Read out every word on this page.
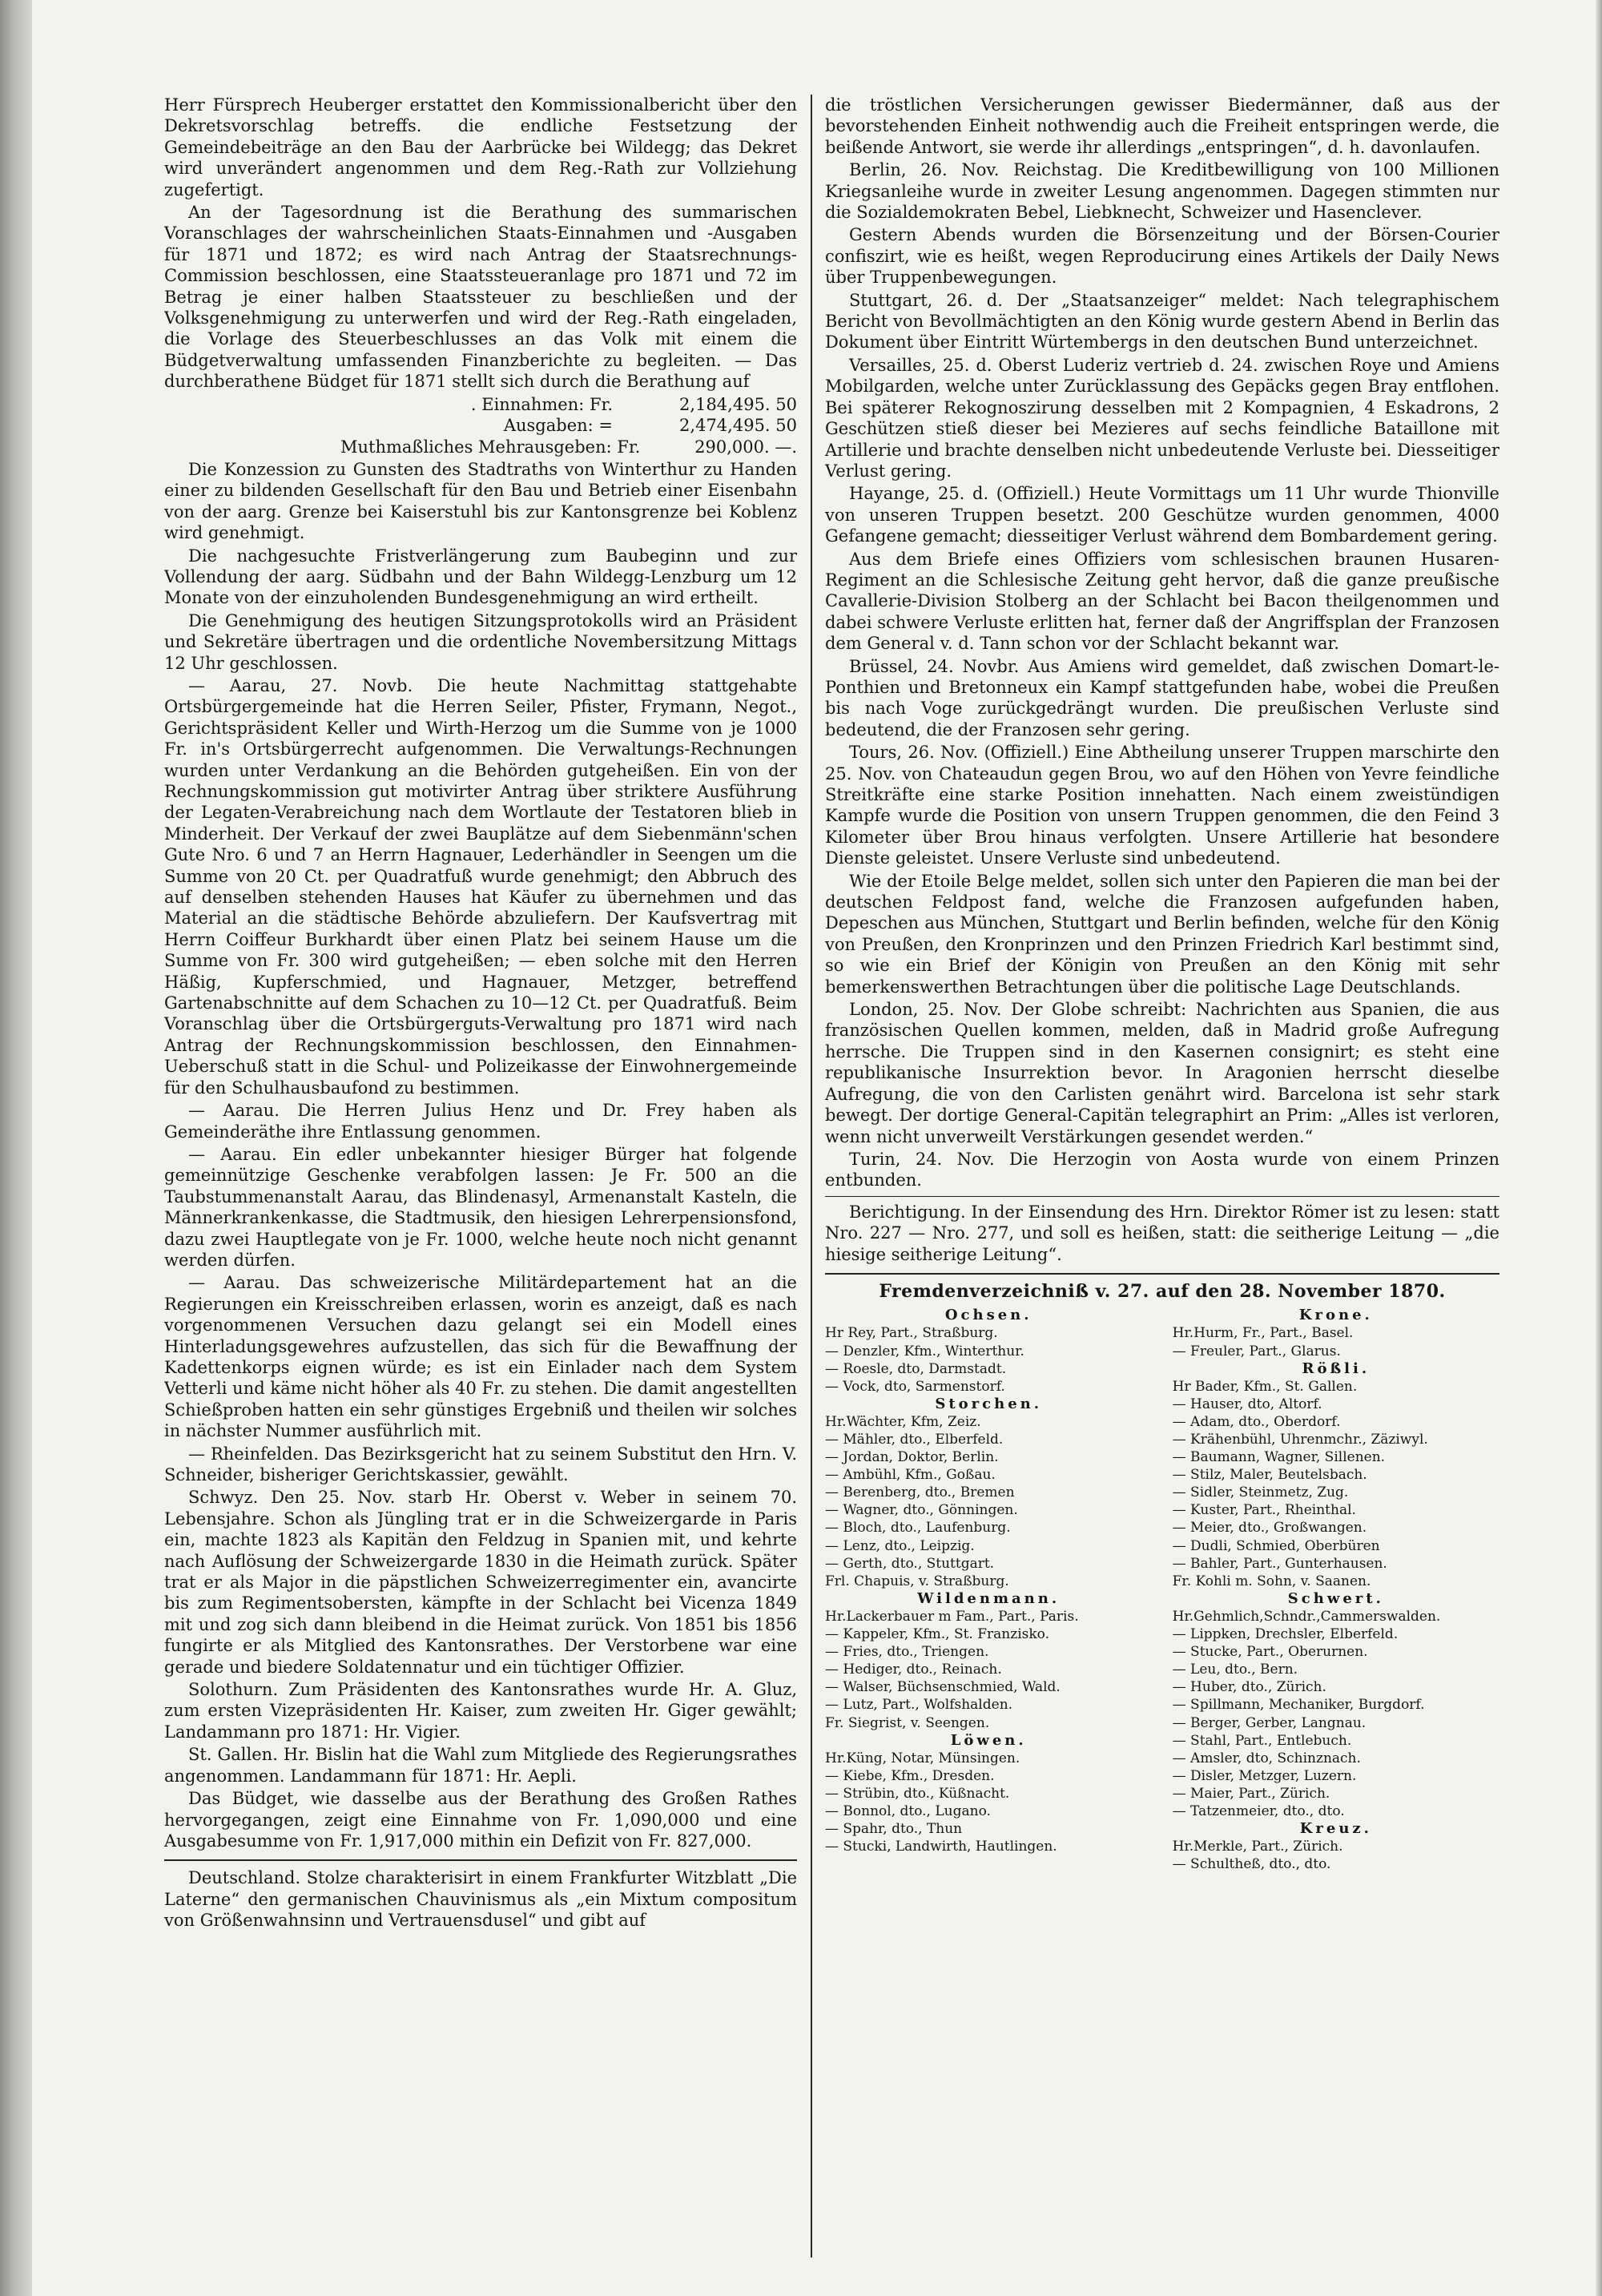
Herr Fürsprech Heuberger erstattet den Kommissionalbericht über den Dekretsvorschlag betreffs. die endliche Festsetzung der Gemeindebeiträge an den Bau der Aarbrücke bei Wildegg; das Dekret wird unverändert angenommen und dem Reg.-Rath zur Vollziehung zugefertigt.

An der Tagesordnung ist die Berathung des summarischen Voranschlages der wahrscheinlichen Staats-Einnahmen und -Ausgaben für 1871 und 1872; es wird nach Antrag der Staatsrechnungs-Commission beschlossen, eine Staatssteueranlage pro 1871 und 72 im Betrag je einer halben Staatssteuer zu beschließen und der Volksgenehmigung zu unterwerfen und wird der Reg.-Rath eingeladen, die Vorlage des Steuerbeschlusses an das Volk mit einem die Büdgetverwaltung umfassenden Finanzberichte zu begleiten. — Das durchberathene Büdget für 1871 stellt sich durch die Berathung auf

. Einnahmen: Fr.	2,184,495. 50
Ausgaben: =	2,474,495. 50
Muthmaßliches Mehrausgeben: Fr.	290,000. —.

Die Konzession zu Gunsten des Stadtraths von Winterthur zu Handen einer zu bildenden Gesellschaft für den Bau und Betrieb einer Eisenbahn von der aarg. Grenze bei Kaiserstuhl bis zur Kantonsgrenze bei Koblenz wird genehmigt.

Die nachgesuchte Fristverlängerung zum Baubeginn und zur Vollendung der aarg. Südbahn und der Bahn Wildegg-Lenzburg um 12 Monate von der einzuholenden Bundesgenehmigung an wird ertheilt.

Die Genehmigung des heutigen Sitzungsprotokolls wird an Präsident und Sekretäre übertragen und die ordentliche Novembersitzung Mittags 12 Uhr geschlossen.

— Aarau, 27. Novb. Die heute Nachmittag stattgehabte Ortsbürgergemeinde hat die Herren Seiler, Pfister, Frymann, Negot., Gerichtspräsident Keller und Wirth-Herzog um die Summe von je 1000 Fr. in's Ortsbürgerrecht aufgenommen. Die Verwaltungs-Rechnungen wurden unter Verdankung an die Behörden gutgeheißen. Ein von der Rechnungskommission gut motivirter Antrag über striktere Ausführung der Legaten-Verabreichung nach dem Wortlaute der Testatoren blieb in Minderheit. Der Verkauf der zwei Bauplätze auf dem Siebenmänn'schen Gute Nro. 6 und 7 an Herrn Hagnauer, Lederhändler in Seengen um die Summe von 20 Ct. per Quadratfuß wurde genehmigt; den Abbruch des auf denselben stehenden Hauses hat Käufer zu übernehmen und das Material an die städtische Behörde abzuliefern. Der Kaufsvertrag mit Herrn Coiffeur Burkhardt über einen Platz bei seinem Hause um die Summe von Fr. 300 wird gutgeheißen; — eben solche mit den Herren Häßig, Kupferschmied, und Hagnauer, Metzger, betreffend Gartenabschnitte auf dem Schachen zu 10—12 Ct. per Quadratfuß. Beim Voranschlag über die Ortsbürgerguts-Verwaltung pro 1871 wird nach Antrag der Rechnungskommission beschlossen, den Einnahmen-Ueberschuß statt in die Schul- und Polizeikasse der Einwohnergemeinde für den Schulhausbaufond zu bestimmen.

— Aarau. Die Herren Julius Henz und Dr. Frey haben als Gemeinderäthe ihre Entlassung genommen.

— Aarau. Ein edler unbekannter hiesiger Bürger hat folgende gemeinnützige Geschenke verabfolgen lassen: Je Fr. 500 an die Taubstummenanstalt Aarau, das Blindenasyl, Armenanstalt Kasteln, die Männerkrankenkasse, die Stadtmusik, den hiesigen Lehrerpensionsfond, dazu zwei Hauptlegate von je Fr. 1000, welche heute noch nicht genannt werden dürfen.

— Aarau. Das schweizerische Militärdepartement hat an die Regierungen ein Kreisschreiben erlassen, worin es anzeigt, daß es nach vorgenommenen Versuchen dazu gelangt sei ein Modell eines Hinterladungsgewehres aufzustellen, das sich für die Bewaffnung der Kadettenkorps eignen würde; es ist ein Einlader nach dem System Vetterli und käme nicht höher als 40 Fr. zu stehen. Die damit angestellten Schießproben hatten ein sehr günstiges Ergebniß und theilen wir solches in nächster Nummer ausführlich mit.

— Rheinfelden. Das Bezirksgericht hat zu seinem Substitut den Hrn. V. Schneider, bisheriger Gerichtskassier, gewählt.

Schwyz. Den 25. Nov. starb Hr. Oberst v. Weber in seinem 70. Lebensjahre. Schon als Jüngling trat er in die Schweizergarde in Paris ein, machte 1823 als Kapitän den Feldzug in Spanien mit, und kehrte nach Auflösung der Schweizergarde 1830 in die Heimath zurück. Später trat er als Major in die päpstlichen Schweizerregimenter ein, avancirte bis zum Regimentsobersten, kämpfte in der Schlacht bei Vicenza 1849 mit und zog sich dann bleibend in die Heimat zurück. Von 1851 bis 1856 fungirte er als Mitglied des Kantonsrathes. Der Verstorbene war eine gerade und biedere Soldatennatur und ein tüchtiger Offizier.

Solothurn. Zum Präsidenten des Kantonsrathes wurde Hr. A. Gluz, zum ersten Vizepräsidenten Hr. Kaiser, zum zweiten Hr. Giger gewählt; Landammann pro 1871: Hr. Vigier.

St. Gallen. Hr. Bislin hat die Wahl zum Mitgliede des Regierungsrathes angenommen. Landammann für 1871: Hr. Aepli.

Das Büdget, wie dasselbe aus der Berathung des Großen Rathes hervorgegangen, zeigt eine Einnahme von Fr. 1,090,000 und eine Ausgabesumme von Fr. 1,917,000 mithin ein Defizit von Fr. 827,000.

Deutschland. Stolze charakterisirt in einem Frankfurter Witzblatt „Die Laterne“ den germanischen Chauvinismus als „ein Mixtum compositum von Größenwahnsinn und Vertrauensdusel“ und gibt auf

die tröstlichen Versicherungen gewisser Biedermänner, daß aus der bevorstehenden Einheit nothwendig auch die Freiheit entspringen werde, die beißende Antwort, sie werde ihr allerdings „entspringen“, d. h. davonlaufen.

Berlin, 26. Nov. Reichstag. Die Kreditbewilligung von 100 Millionen Kriegsanleihe wurde in zweiter Lesung angenommen. Dagegen stimmten nur die Sozialdemokraten Bebel, Liebknecht, Schweizer und Hasenclever.

Gestern Abends wurden die Börsenzeitung und der Börsen-Courier confiszirt, wie es heißt, wegen Reproducirung eines Artikels der Daily News über Truppenbewegungen.

Stuttgart, 26. d. Der „Staatsanzeiger“ meldet: Nach telegraphischem Bericht von Bevollmächtigten an den König wurde gestern Abend in Berlin das Dokument über Eintritt Würtembergs in den deutschen Bund unterzeichnet.

Versailles, 25. d. Oberst Luderiz vertrieb d. 24. zwischen Roye und Amiens Mobilgarden, welche unter Zurücklassung des Gepäcks gegen Bray entflohen. Bei späterer Rekognoszirung desselben mit 2 Kompagnien, 4 Eskadrons, 2 Geschützen stieß dieser bei Mezieres auf sechs feindliche Bataillone mit Artillerie und brachte denselben nicht unbedeutende Verluste bei. Diesseitiger Verlust gering.

Hayange, 25. d. (Offiziell.) Heute Vormittags um 11 Uhr wurde Thionville von unseren Truppen besetzt. 200 Geschütze wurden genommen, 4000 Gefangene gemacht; diesseitiger Verlust während dem Bombardement gering.

Aus dem Briefe eines Offiziers vom schlesischen braunen Husaren-Regiment an die Schlesische Zeitung geht hervor, daß die ganze preußische Cavallerie-Division Stolberg an der Schlacht bei Bacon theilgenommen und dabei schwere Verluste erlitten hat, ferner daß der Angriffsplan der Franzosen dem General v. d. Tann schon vor der Schlacht bekannt war.

Brüssel, 24. Novbr. Aus Amiens wird gemeldet, daß zwischen Domart-le-Ponthien und Bretonneux ein Kampf stattgefunden habe, wobei die Preußen bis nach Voge zurückgedrängt wurden. Die preußischen Verluste sind bedeutend, die der Franzosen sehr gering.

Tours, 26. Nov. (Offiziell.) Eine Abtheilung unserer Truppen marschirte den 25. Nov. von Chateaudun gegen Brou, wo auf den Höhen von Yevre feindliche Streitkräfte eine starke Position innehatten. Nach einem zweistündigen Kampfe wurde die Position von unsern Truppen genommen, die den Feind 3 Kilometer über Brou hinaus verfolgten. Unsere Artillerie hat besondere Dienste geleistet. Unsere Verluste sind unbedeutend.

Wie der Etoile Belge meldet, sollen sich unter den Papieren die man bei der deutschen Feldpost fand, welche die Franzosen aufgefunden haben, Depeschen aus München, Stuttgart und Berlin befinden, welche für den König von Preußen, den Kronprinzen und den Prinzen Friedrich Karl bestimmt sind, so wie ein Brief der Königin von Preußen an den König mit sehr bemerkenswerthen Betrachtungen über die politische Lage Deutschlands.

London, 25. Nov. Der Globe schreibt: Nachrichten aus Spanien, die aus französischen Quellen kommen, melden, daß in Madrid große Aufregung herrsche. Die Truppen sind in den Kasernen consignirt; es steht eine republikanische Insurrektion bevor. In Aragonien herrscht dieselbe Aufregung, die von den Carlisten genährt wird. Barcelona ist sehr stark bewegt. Der dortige General-Capitän telegraphirt an Prim: „Alles ist verloren, wenn nicht unverweilt Verstärkungen gesendet werden.“

Turin, 24. Nov. Die Herzogin von Aosta wurde von einem Prinzen entbunden.

Berichtigung. In der Einsendung des Hrn. Direktor Römer ist zu lesen: statt Nro. 227 — Nro. 277, und soll es heißen, statt: die seitherige Leitung — „die hiesige seitherige Leitung“.

Fremdenverzeichniß v. 27. auf den 28. November 1870.
Ochsen.
Hr Rey, Part., Straßburg.
— Denzler, Kfm., Winterthur.
— Roesle, dto, Darmstadt.
— Vock, dto, Sarmenstorf.
Storchen.
Hr.Wächter, Kfm, Zeiz.
— Mähler, dto., Elberfeld.
— Jordan, Doktor, Berlin.
— Ambühl, Kfm., Goßau.
— Berenberg, dto., Bremen
— Wagner, dto., Gönningen.
— Bloch, dto., Laufenburg.
— Lenz, dto., Leipzig.
— Gerth, dto., Stuttgart.
Frl. Chapuis, v. Straßburg.
Wildenmann.
Hr.Lackerbauer m Fam., Part., Paris.
— Kappeler, Kfm., St. Franzisko.
— Fries, dto., Triengen.
— Hediger, dto., Reinach.
— Walser, Büchsenschmied, Wald.
— Lutz, Part., Wolfshalden.
Fr. Siegrist, v. Seengen.
Löwen.
Hr.Küng, Notar, Münsingen.
— Kiebe, Kfm., Dresden.
— Strübin, dto., Küßnacht.
— Bonnol, dto., Lugano.
— Spahr, dto., Thun
— Stucki, Landwirth, Hautlingen.
Krone.
Hr.Hurm, Fr., Part., Basel.
— Freuler, Part., Glarus.
Rößli.
Hr Bader, Kfm., St. Gallen.
— Hauser, dto, Altorf.
— Adam, dto., Oberdorf.
— Krähenbühl, Uhrenmchr., Zäziwyl.
— Baumann, Wagner, Sillenen.
— Stilz, Maler, Beutelsbach.
— Sidler, Steinmetz, Zug.
— Kuster, Part., Rheinthal.
— Meier, dto., Großwangen.
— Dudli, Schmied, Oberbüren
— Bahler, Part., Gunterhausen.
Fr. Kohli m. Sohn, v. Saanen.
Schwert.
Hr.Gehmlich,Schndr.,Cammerswalden.
— Lippken, Drechsler, Elberfeld.
— Stucke, Part., Oberurnen.
— Leu, dto., Bern.
— Huber, dto., Zürich.
— Spillmann, Mechaniker, Burgdorf.
— Berger, Gerber, Langnau.
— Stahl, Part., Entlebuch.
— Amsler, dto, Schinznach.
— Disler, Metzger, Luzern.
— Maier, Part., Zürich.
— Tatzenmeier, dto., dto.
Kreuz.
Hr.Merkle, Part., Zürich.
— Schultheß, dto., dto.
